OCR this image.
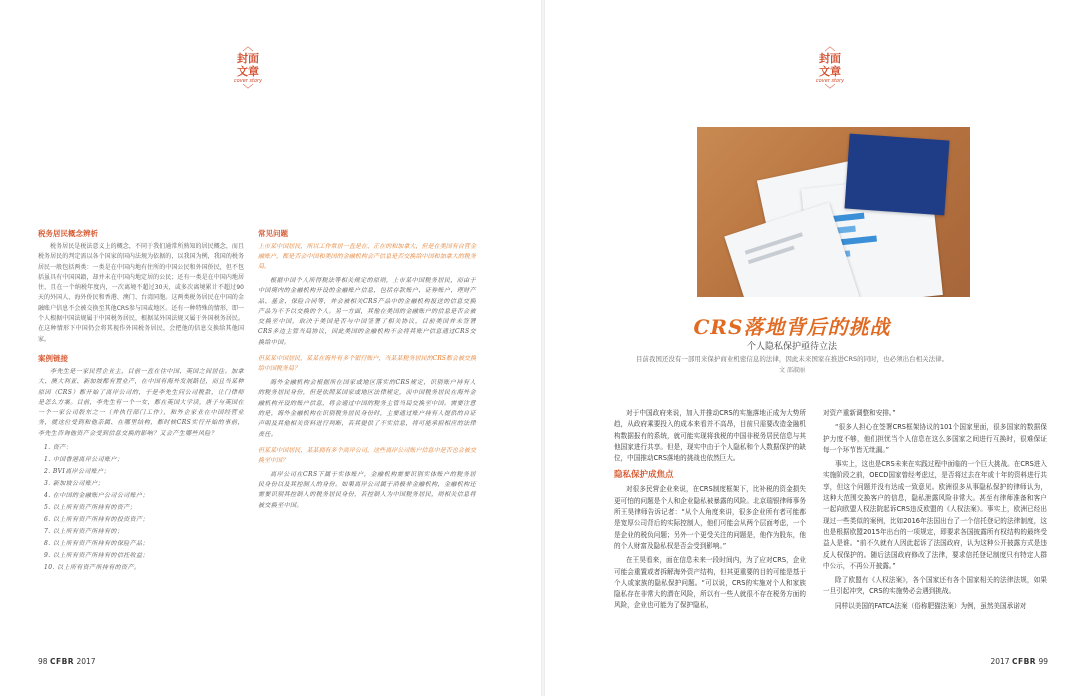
︿
封面
文章
cover story
﹀
︿
封面
文章
cover story
﹀
税务居民概念辨析
税务居民是税法意义上的概念，不同于我们通常所熟知的居民概念，而且税务居民的判定需以各个国家的国内法规为依据的，以我国为例，我国的税务居民一般包括两类：一类是在中国内地有住所的中国公民和外国侨民，但不包括虽具有中国国籍，却并未在中国内地定居的公民；还有一类是在中国内地居住，且在一个纳税年度内，一次离境不超过30天，或多次离境累计不超过90天的外国人、海外侨民和香港、澳门、台湾同胞。这两类税务居民在中国的金融账户信息不会被交换至其他CRS参与国或地区。还有一种特殊的情形，即一个人根据中国法规属于中国税务居民，根据某外国法规又属于外国税务居民。在这种情形下中国仍会将其视作外国税务居民，会把他的信息交换给其他国家。
案例链接
李先生是一家民营企业主，目前一直在往中国、英国之间居住。加拿大、澳大利亚、新加坡都有置业产，在中国有海外发展路径，而且当某种原因（CRS）都开始了离岸公司的，于是李先生问公司税款，让门律师是怎么方案。目前，李先生有一个一女，都在英国大学读，唐子与英国在一个一家公司股东之一（并执行部门工作），和外企家业在中国经营业务，就这位受到和他亲属、在哪里结构，都时候CRS实行开始的事前，李先生咨询他资产会受到信息交换的影响？又会产生哪些风险？
1. 资产：
1. 中国香港离岸公司账户；
2. BVI离岸公司账户；
3. 新加坡公司账户；
4. 在中国的金融账户公司公司账户；
5. 以上所有资产所持有的资产；
6. 以上所有资产所持有的投资资产；
7. 以上所有资产所持有的；
8. 以上所有资产所持有的保险产品；
9. 以上所有资产所持有的信托收益；
10. 以上所有资产所持有的资产。
常见问题
上市某中国居民，所以工作常居一直是在、正在的和加拿大，但是在美国有自营金融账户，都是否会中国和美国的金融机构会产信息是否交换给中国和加拿大的税务局。
根据中国个人所得税法等相关规定的原则，上市某中国税务居民，而由于中国境内的金融机构开设的金融账户信息，包括存款账户、证券账户、理财产品、基金、保险合同等，并会被相关CRS产品中的金融机构报送的信息交换产品为不予以交换的个人。另一方面，其他在美国的金融账户的信息是否会被交换至中国，取决于美国是否与中国签署了相关协议，目前美国并未签署CRS多边主管当局协议，因此美国的金融机构不会将其账户信息通过CRS交换给中国。
但某某中国居民，某某在海外有多个银行账户，当某某税务居民的CRS都会被交换给中国税务局？
海外金融机构会根据所在国家或地区落实的CRS规定，识别账户持有人的税务居民身份，但是依照某国家或地区法律规定，而中国税务居民在海外金融机构开设的账户信息，将会通过中国的税务主管当局交换至中国。需要注意的是，海外金融机构在识别税务居民身份时，主要通过账户持有人提供的自证声明及其他相关资料进行判断，若其提供了不实信息，将可能承担相应的法律责任。
但某某中国居民，某某拥有多个离岸公司，这些离岸公司账户信息中是否也会被交换至中国？
离岸公司在CRS下属于实体账户，金融机构需要识别实体账户的税务居民身份以及其控制人的身份。如果离岸公司属于消极非金融机构，金融机构还需要识别其控制人的税务居民身份，若控制人为中国税务居民，则相关信息将被交换至中国。
98 CFBR 2017
CRS落地背后的挑战
个人隐私保护亟待立法
目前我国还没有一部用来保护商业机密信息的法律，因此未来国家在推进CRS的同时，也必须出台相关法律。
文 邵淑丽
对于中国政府来说，加入并推动CRS的实施落地正成为大势所趋，从政府乘要投入的成本来看并不高昂，目前只需要改造金融机构数据报有的系统，就可能实现将我税的中国非税务居民信息与其他国家进行共享。但是，现实中由于个人隐私和个人数据保护的缺位，中国推动CRS落地的挑战也依然巨大。
隐私保护成焦点
对很多民营企业来说，在CRS制度框架下，比补税的资金损失更可怕的问题是个人和企业隐私被暴露的风险。北京瑞银律师事务所王昊律师告诉记者：“从个人角度来讲，很多企业所有者可能都是宽厚公司背后的实际控制人，他们可能会从两个层面考虑，一个是企业的税负问题；另外一个更受关注的问题是，他作为股东，他的个人财富及隐私权是否会受到影响。”
在王昊看来，面在信息未来一段时间内，为了应对CRS，企业可能会重置或者拆解海外资产结构，但其更重要的目的可能是基于个人或家族的隐私保护问题。“可以说，CRS的实施对个人和家族隐私存在非常大的潜在风险，所以有一些人就很不存在税务方面的风险，企业也可能为了保护隐私，
对资产重新调整和安排。”
“很多人担心在签署CRS框架协议的101个国家里面，很多国家的数据保护力度不够，他们担忧当个人信息在这么多国家之间进行互换时，很难保证每一个环节皆无纰漏。”
事实上，这也是CRS未来在实践过程中面临的一个巨大挑战。在CRS进入实施阶段之前，OECD国家曾经考虑过，是否将过去在年或十年的资料进行共享，但这个问题并没有达成一致意见。欧洲很多从事隐私保护的律师认为，这种大范围交换客户的信息，隐私泄露风险非常大。甚至有律师准备和客户一起向欧盟人权法院起诉CRS违反欧盟的《人权法案》。事实上，欧洲已经出现过一些类似的案例，比如2016年法国出台了一个信托登记的法律制度，这也是根据欧盟2015年出台的一项规定，即要求各国披露所有权结构的最终受益人是谁。“前不久就有人因此起诉了法国政府，认为这种公开披露方式是违反人权保护的。随后法国政府修改了法律，要求信托登记制度只有特定人群中公示，不再公开披露。”
除了欧盟有《人权法案》，各个国家还有各个国家相关的法律法规，如果一旦引起冲突，CRS的实施势必会遇到挑战。
同样以美国的FATCA法案（俗称肥猫法案）为例，虽然美国承诺对
2017 CFBR 99
